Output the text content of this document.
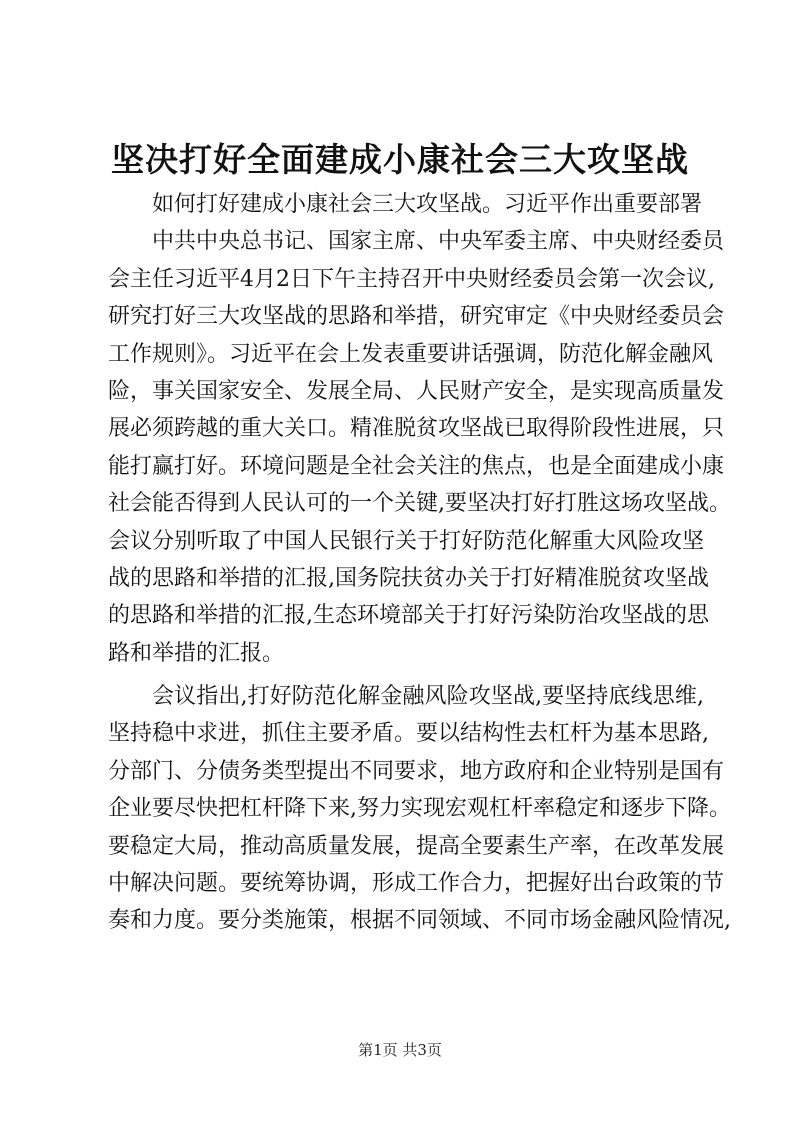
坚决打好全面建成小康社会三大攻坚战
如何打好建成小康社会三大攻坚战。习近平作出重要部署
中共中央总书记、国家主席、中央军委主席、中央财经委员
会主任习近平4月2日下午主持召开中央财经委员会第一次会议,
研究打好三大攻坚战的思路和举措，研究审定《中央财经委员会
工作规则》。习近平在会上发表重要讲话强调，防范化解金融风
险，事关国家安全、发展全局、人民财产安全，是实现高质量发
展必须跨越的重大关口。精准脱贫攻坚战已取得阶段性进展，只
能打赢打好。环境问题是全社会关注的焦点，也是全面建成小康
社会能否得到人民认可的一个关键,要坚决打好打胜这场攻坚战。
会议分别听取了中国人民银行关于打好防范化解重大风险攻坚
战的思路和举措的汇报,国务院扶贫办关于打好精准脱贫攻坚战
的思路和举措的汇报,生态环境部关于打好污染防治攻坚战的思
路和举措的汇报。
会议指出,打好防范化解金融风险攻坚战,要坚持底线思维,
坚持稳中求进，抓住主要矛盾。要以结构性去杠杆为基本思路,
分部门、分债务类型提出不同要求，地方政府和企业特别是国有
企业要尽快把杠杆降下来,努力实现宏观杠杆率稳定和逐步下降。
要稳定大局，推动高质量发展，提高全要素生产率，在改革发展
中解决问题。要统筹协调，形成工作合力，把握好出台政策的节
奏和力度。要分类施策，根据不同领域、不同市场金融风险情况,
第1页 共3页
